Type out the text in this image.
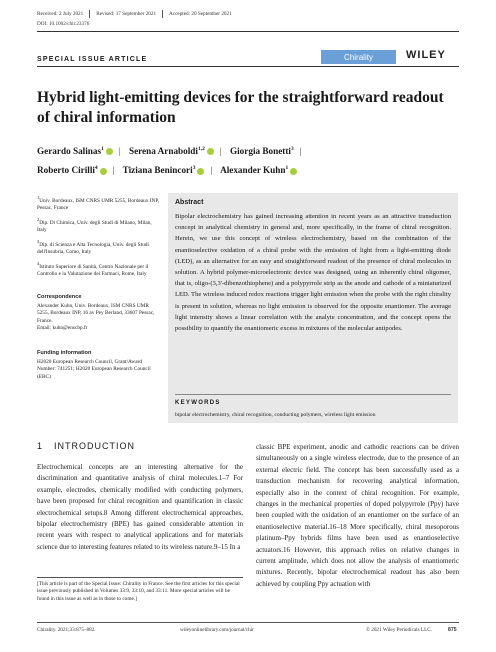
Received: 2 July 2021	Revised: 17 September 2021	Accepted: 20 September 2021
DOI: 10.1002/chir.23376
SPECIAL ISSUE ARTICLE	Chirality	WILEY
Hybrid light-emitting devices for the straightforward readout of chiral information
Gerardo Salinas$^1$ | Serena Arnaboldi$^{1,2}$ | Giorgia Bonetti$^3$ |
Roberto Cirilli$^4$ | Tiziana Benincori$^3$ | Alexander Kuhn$^1$
$^1$Univ. Bordeaux, ISM CNRS UMR 5255, Bordeaux INP, Pessac, France
$^2$Dip. Di Chimica, Univ. degli Studi di Milano, Milan, Italy
$^3$Dip. di Scienza e Alta Tecnologia, Univ. degli Studi dell'Insubria, Como, Italy
$^4$Istituto Superiore di Sanità, Centro Nazionale per il Controllo e la Valutazione dei Farmaci, Rome, Italy
Correspondence
Alexander Kuhn, Univ. Bordeaux, ISM CNRS UMR 5255, Bordeaux INP, 16 av Pey Berland, 33607 Pessac, France.
Email: kuhn@enscbp.fr
Funding information
H2020 European Research Council, Grant/Award Number: 741251; H2020 European Research Council (ERC)
Abstract
Bipolar electrochemistry has gained increasing attention in recent years as an attractive transduction concept in analytical chemistry in general and, more specifically, in the frame of chiral recognition. Herein, we use this concept of wireless electrochemistry, based on the combination of the enantioselective oxidation of a chiral probe with the emission of light from a light-emitting diode (LED), as an alternative for an easy and straightforward readout of the presence of chiral molecules in solution. A hybrid polymer-microelectronic device was designed, using an inherently chiral oligomer, that is, oligo-(3,3'-dibenzothiophene) and a polypyrrole strip as the anode and cathode of a miniaturized LED. The wireless induced redox reactions trigger light emission when the probe with the right chirality is present in solution, whereas no light emission is observed for the opposite enantiomer. The average light intensity shows a linear correlation with the analyte concentration, and the concept opens the possibility to quantify the enantiomeric excess in mixtures of the molecular antipodes.
KEYWORDS
bipolar electrochemistry, chiral recognition, conducting polymers, wireless light emission
1 INTRODUCTION
Electrochemical concepts are an interesting alternative for the discrimination and quantitative analysis of chiral molecules.1–7 For example, electrodes, chemically modified with conducting polymers, have been proposed for chiral recognition and quantification in classic electrochemical setups.8 Among different electrochemical approaches, bipolar electrochemistry (BPE) has gained considerable attention in recent years with respect to analytical applications and for materials science due to interesting features related to its wireless nature.9–15 In a
classic BPE experiment, anodic and cathodic reactions can be driven simultaneously on a single wireless electrode, due to the presence of an external electric field. The concept has been successfully used as a transduction mechanism for recovering analytical information, especially also in the context of chiral recognition. For example, changes in the mechanical properties of doped polypyrrole (Ppy) have been coupled with the oxidation of an enantiomer on the surface of an enantioselective material.16–18 More specifically, chiral mesoporous platinum–Ppy hybrids films have been used as enantioselective actuators.16 However, this approach relies on relative changes in current amplitude, which does not allow the analysis of enantiomeric mixtures. Recently, bipolar electrochemical readout has also been achieved by coupling Ppy actuation with
[This article is part of the Special Issue: Chirality in France. See the first articles for this special issue previously published in Volumes 33:9, 33:10, and 33:11. More special articles will be found in this issue as well as in those to come.]
Chirality. 2021;33:875–882.	wileyonlinelibrary.com/journal/chir	© 2021 Wiley Periodicals LLC.	875
